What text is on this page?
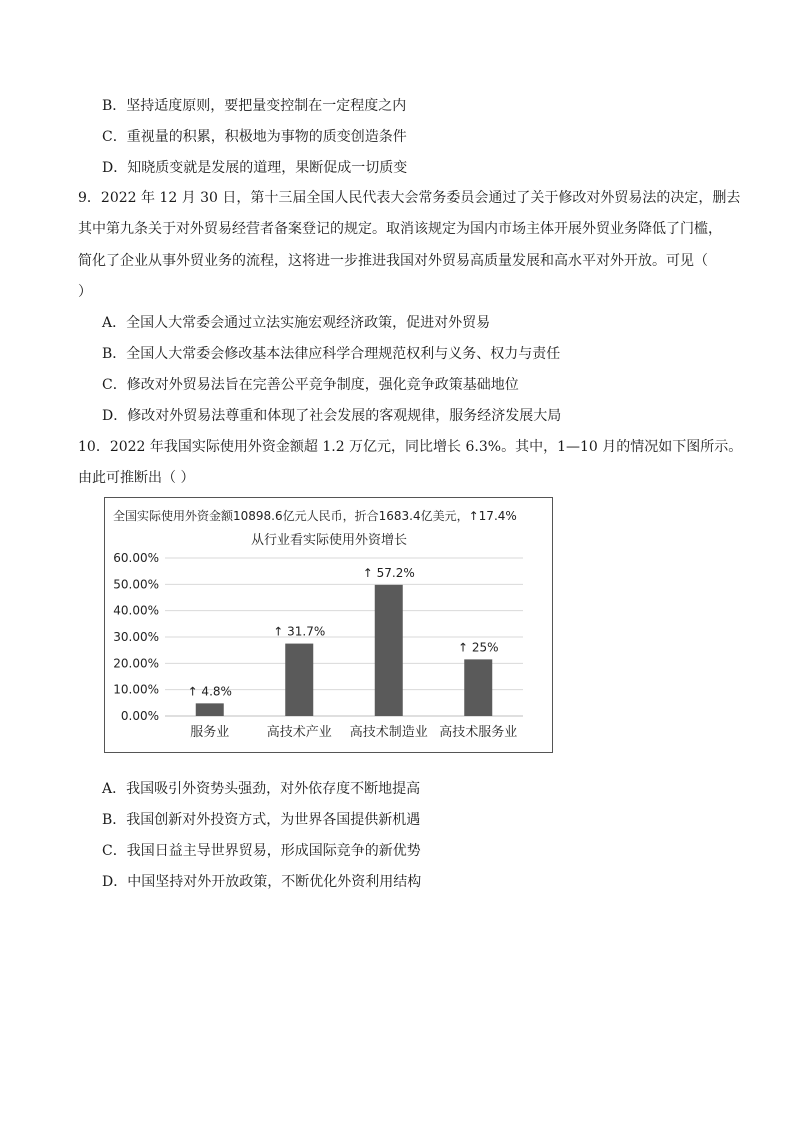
B．坚持适度原则，要把量变控制在一定程度之内
C．重视量的积累，积极地为事物的质变创造条件
D．知晓质变就是发展的道理，果断促成一切质变
9．2022 年 12 月 30 日，第十三届全国人民代表大会常务委员会通过了关于修改对外贸易法的决定，删去
其中第九条关于对外贸易经营者备案登记的规定。取消该规定为国内市场主体开展外贸业务降低了门槛，
简化了企业从事外贸业务的流程，这将进一步推进我国对外贸易高质量发展和高水平对外开放。可见（
）
A．全国人大常委会通过立法实施宏观经济政策，促进对外贸易
B．全国人大常委会修改基本法律应科学合理规范权利与义务、权力与责任
C．修改对外贸易法旨在完善公平竞争制度，强化竞争政策基础地位
D．修改对外贸易法尊重和体现了社会发展的客观规律，服务经济发展大局
10．2022 年我国实际使用外资金额超 1.2 万亿元，同比增长 6.3%。其中，1—10 月的情况如下图所示。
由此可推断出（ ）
全国实际使用外资金额10898.6亿元人民币，折合1683.4亿美元，↑17.4%
从行业看实际使用外资增长
0.00%
10.00%
20.00%
30.00%
40.00%
50.00%
60.00%
↑ 4.8%
服务业
↑ 31.7%
高技术产业
↑ 57.2%
高技术制造业
↑ 25%
高技术服务业
A．我国吸引外资势头强劲，对外依存度不断地提高
B．我国创新对外投资方式，为世界各国提供新机遇
C．我国日益主导世界贸易，形成国际竞争的新优势
D．中国坚持对外开放政策，不断优化外资利用结构
